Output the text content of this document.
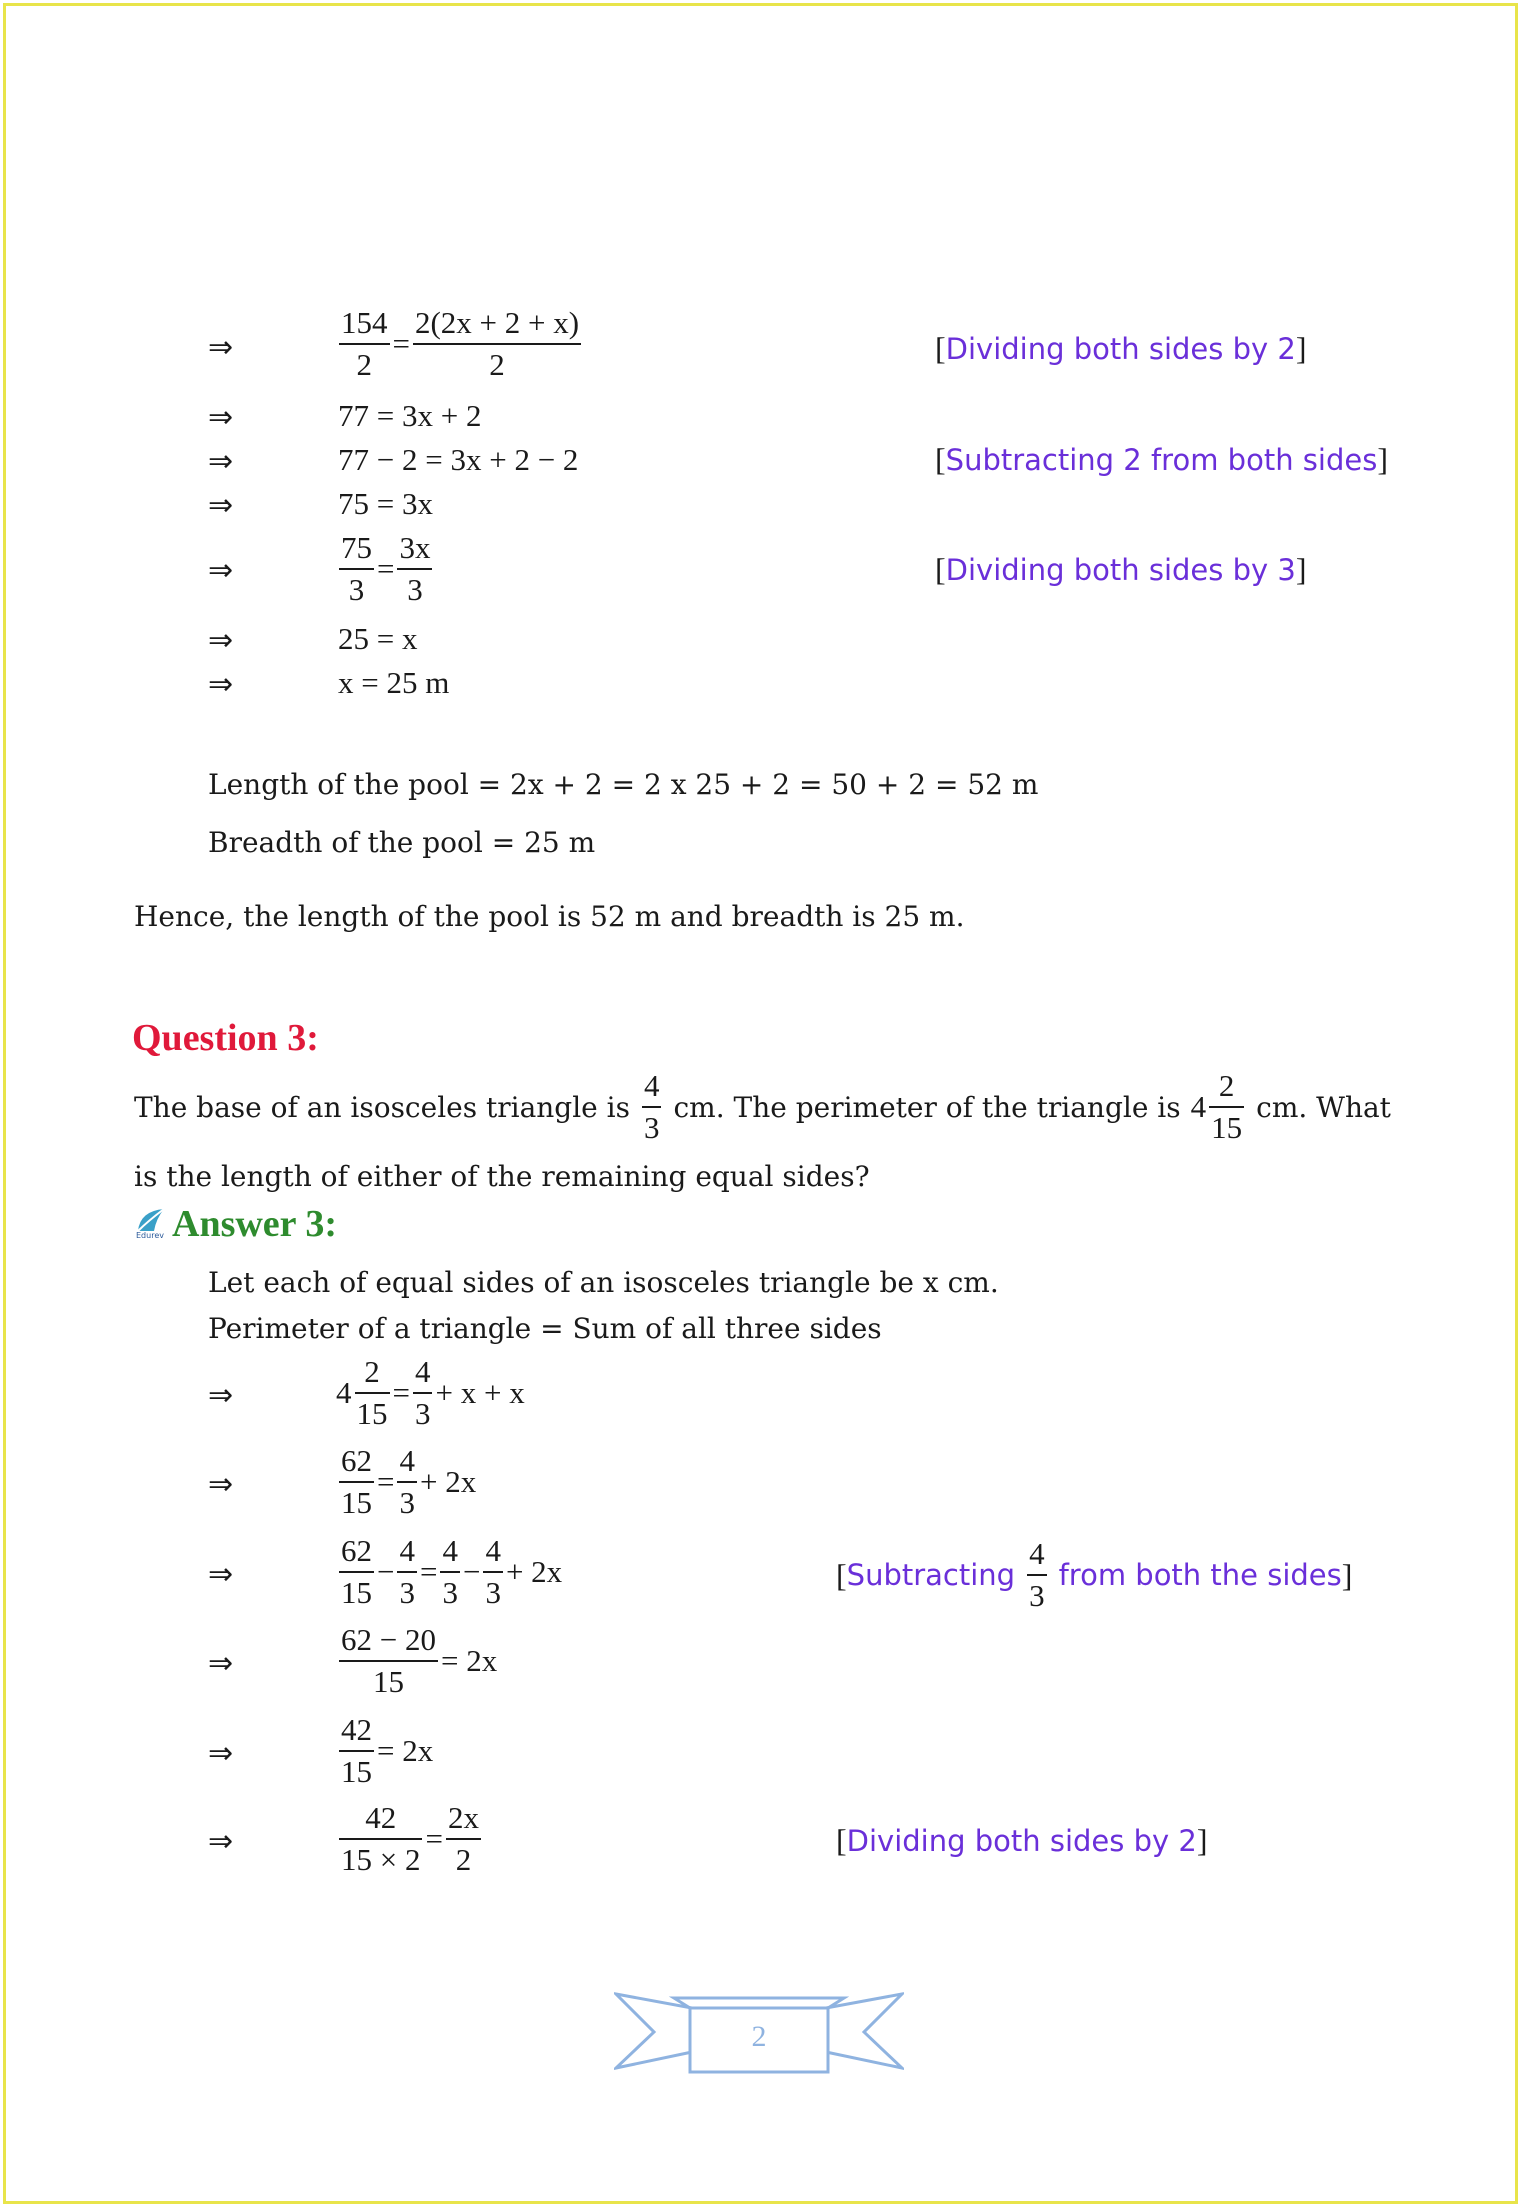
⇒	$\frac{154}{2} = \frac{2(2x + 2 + x)}{2}$	[Dividing both sides by 2]
⇒	77 = 3x + 2
⇒	77 − 2 = 3x + 2 − 2	[Subtracting 2 from both sides]
⇒	75 = 3x
⇒	$\frac{75}{3} = \frac{3x}{3}$	[Dividing both sides by 3]
⇒	25 = x
⇒	x = 25 m
Length of the pool = 2x + 2 = 2 x 25 + 2 = 50 + 2 = 52 m
Breadth of the pool = 25 m
Hence, the length of the pool is 52 m and breadth is 25 m.
Question 3:
The base of an isosceles triangle is $\frac{4}{3}$ cm. The perimeter of the triangle is $4 \frac{2}{15}$ cm. What
is the length of either of the remaining equal sides?
Edurev Answer 3:
Let each of equal sides of an isosceles triangle be x cm.
Perimeter of a triangle = Sum of all three sides
⇒	$4 \frac{2}{15} = \frac{4}{3} + x + x$
⇒	$\frac{62}{15} = \frac{4}{3} + 2x$
⇒	$\frac{62}{15} - \frac{4}{3} = \frac{4}{3} - \frac{4}{3} + 2x$	[ Subtracting $\frac{4}{3}$ from both the sides ]
⇒	$\frac{62 - 20}{15} = 2x$
⇒	$\frac{42}{15} = 2x$
⇒	$\frac{42}{15 \times 2} = \frac{2x}{2}$	[Dividing both sides by 2]
2
